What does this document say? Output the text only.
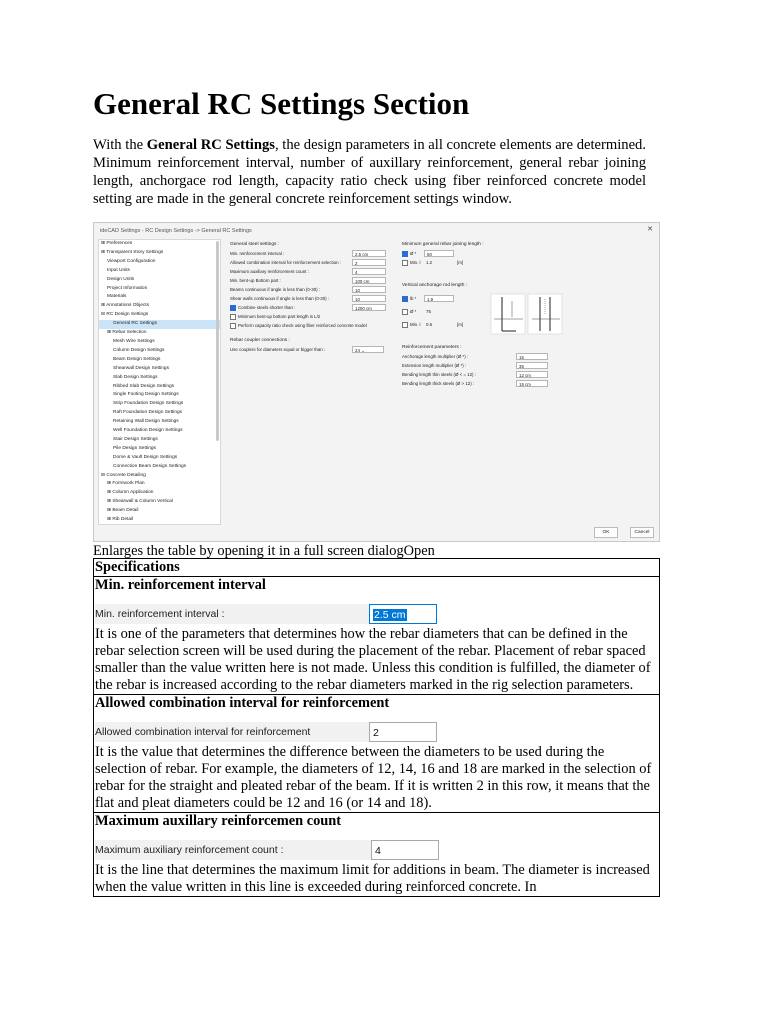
General RC Settings Section

With the General RC Settings, the design parameters in all concrete elements are determined. Minimum reinforcement interval, number of auxillary reinforcement, general rebar joining length, anchorgace rod length, capacity ratio check using fiber reinforced concrete model setting are made in the general concrete reinforcement settings window.

ideCAD Settings - RC Design Settings -> General RC Settings	✕
⊞ Preferences
⊞ Transparent Story Settings
Viewport Configuration
Input Units
Design Units
Project Information
Materials
⊞ Annotations Objects
⊟ RC Design Settings
General RC Settings
⊞ Rebar Selection
Mesh Wire Settings
Column Design Settings
Beam Design Settings
Shearwall Design Settings
Slab Design Settings
Ribbed Slab Design Settings
Single Footing Design Settings
Strip Foundation Design Settings
Raft Foundation Design Settings
Retaining Wall Design Settings
Well Foundation Design Settings
Stair Design Settings
Pile Design Settings
Dome & Vault Design Settings
Connection Beam Design Settings
⊟ Concrete Detailing
⊞ Formwork Plan
⊞ Column Application
⊞ Shearwall & Column Vertical
⊞ Beam Detail
⊞ Rib Detail
General steel settings :
Min. reinforcement interval :	2.5 cm
Allowed combination interval for reinforcement selection :	2
Maximum auxiliary reinforcement count :	4
Min. bent-up Bottom part :	100 cm
Beams continuous if angle is less than (0-30) :	10
Shear walls continuous if angle is less than (0-30) :	10
Combine steels shorter than :	1200 cm
Minimum bent-up bottom part length is L/2
Perform capacity ratio check using fiber reinforced concrete model
Rebar coupler connections :
Use couplers for diameters equal or bigger than :	24 ⌄
Minimum general rebar joining length :
Ø *	50
Min. l 1.2	[m]
Vertical anchorage rod length :
lb *	1.9
Ø * 75
Min. l 0.5	[m]
Reinforcement parameters :
Anchorage length multiplier (Ø *) :	15
Extension length multiplier (Ø *) :	35
Bending length thin steels (Ø < = 12) :	12 cm
Bending length thick steels (Ø > 12) :	15 cm
OK	Cancel
Enlarges the table by opening it in a full screen dialogOpen
Specifications

Min. reinforcement interval
Min. reinforcement interval :	2.5 cm
It is one of the parameters that determines how the rebar diameters that can be defined in the rebar selection screen will be used during the placement of the rebar. Placement of rebar spaced smaller than the value written here is not made. Unless this condition is fulfilled, the diameter of the rebar is increased according to the rebar diameters marked in the rig selection parameters.

Allowed combination interval for reinforcement
Allowed combination interval for reinforcement	2
It is the value that determines the difference between the diameters to be used during the selection of rebar. For example, the diameters of 12, 14, 16 and 18 are marked in the selection of rebar for the straight and pleated rebar of the beam. If it is written 2 in this row, it means that the flat and pleat diameters could be 12 and 16 (or 14 and 18).

Maximum auxillary reinforcemen count
Maximum auxiliary reinforcement count :	4
It is the line that determines the maximum limit for additions in beam. The diameter is increased when the value written in this line is exceeded during reinforced concrete. In
